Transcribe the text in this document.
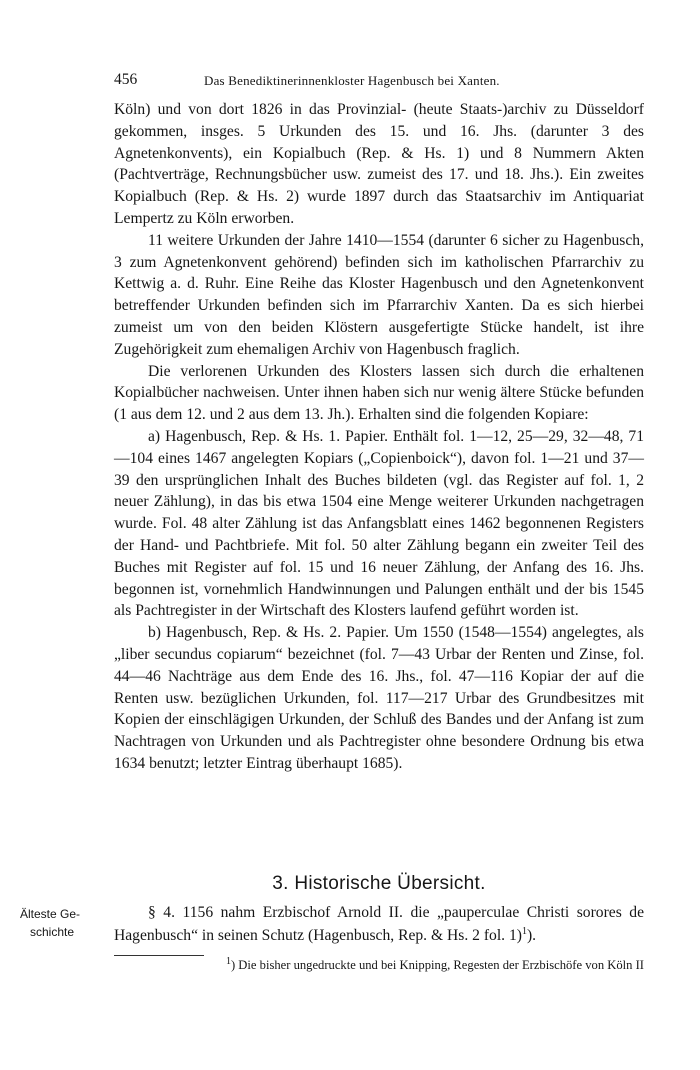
456	Das Benediktinerinnenkloster Hagenbusch bei Xanten.

Köln) und von dort 1826 in das Provinzial- (heute Staats-)archiv zu Düsseldorf gekommen, insges. 5 Urkunden des 15. und 16. Jhs. (darunter 3 des Agnetenkonvents), ein Kopialbuch (Rep. & Hs. 1) und 8 Nummern Akten (Pachtverträge, Rechnungsbücher usw. zumeist des 17. und 18. Jhs.). Ein zweites Kopialbuch (Rep. & Hs. 2) wurde 1897 durch das Staatsarchiv im Antiquariat Lempertz zu Köln erworben.

11 weitere Urkunden der Jahre 1410—1554 (darunter 6 sicher zu Hagenbusch, 3 zum Agnetenkonvent gehörend) befinden sich im katholischen Pfarrarchiv zu Kettwig a. d. Ruhr. Eine Reihe das Kloster Hagenbusch und den Agnetenkonvent betreffender Urkunden befinden sich im Pfarrarchiv Xanten. Da es sich hierbei zumeist um von den beiden Klöstern ausgefertigte Stücke handelt, ist ihre Zugehörigkeit zum ehemaligen Archiv von Hagenbusch fraglich.

Die verlorenen Urkunden des Klosters lassen sich durch die erhaltenen Kopialbücher nachweisen. Unter ihnen haben sich nur wenig ältere Stücke befunden (1 aus dem 12. und 2 aus dem 13. Jh.). Erhalten sind die folgenden Kopiare:

a) Hagenbusch, Rep. & Hs. 1. Papier. Enthält fol. 1—12, 25—29, 32—48, 71—104 eines 1467 angelegten Kopiars („Copienboick“), davon fol. 1—21 und 37—39 den ursprünglichen Inhalt des Buches bildeten (vgl. das Register auf fol. 1, 2 neuer Zählung), in das bis etwa 1504 eine Menge weiterer Urkunden nachgetragen wurde. Fol. 48 alter Zählung ist das Anfangsblatt eines 1462 begonnenen Registers der Hand- und Pachtbriefe. Mit fol. 50 alter Zählung begann ein zweiter Teil des Buches mit Register auf fol. 15 und 16 neuer Zählung, der Anfang des 16. Jhs. begonnen ist, vornehmlich Handwinnungen und Palungen enthält und der bis 1545 als Pachtregister in der Wirtschaft des Klosters laufend geführt worden ist.

b) Hagenbusch, Rep. & Hs. 2. Papier. Um 1550 (1548—1554) angelegtes, als „liber secundus copiarum“ bezeichnet (fol. 7—43 Urbar der Renten und Zinse, fol. 44—46 Nachträge aus dem Ende des 16. Jhs., fol. 47—116 Kopiar der auf die Renten usw. bezüglichen Urkunden, fol. 117—217 Urbar des Grundbesitzes mit Kopien der einschlägigen Urkunden, der Schluß des Bandes und der Anfang ist zum Nachtragen von Urkunden und als Pachtregister ohne besondere Ordnung bis etwa 1634 benutzt; letzter Eintrag überhaupt 1685).

3. Historische Übersicht.
Älteste Ge-
schichte

§ 4. 1156 nahm Erzbischof Arnold II. die „pauperculae Christi sorores de Hagenbusch“ in seinen Schutz (Hagenbusch, Rep. & Hs. 2 fol. 1)$^1$).

$^1$) Die bisher ungedruckte und bei Knipping, Regesten der Erzbischöfe von Köln II
